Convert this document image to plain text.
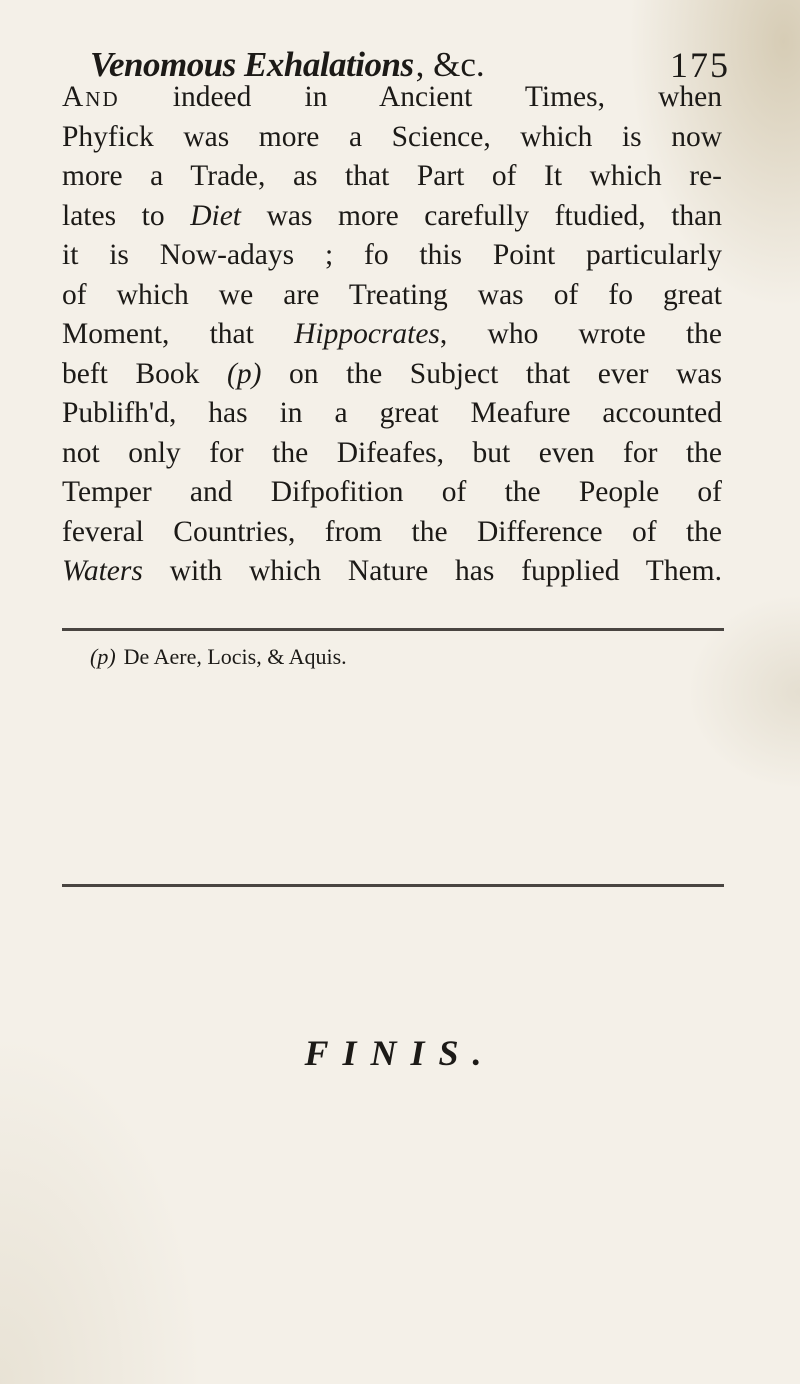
Venomous Exhalations, &c.	175
And indeed in Ancient Times, when
Phyfick was more a Science, which is now
more a Trade, as that Part of It which re-
lates to Diet was more carefully ftudied, than
it is Now-adays ; fo this Point particularly
of which we are Treating was of fo great
Moment, that Hippocrates, who wrote the
beft Book (p) on the Subject that ever was
Publifh'd, has in a great Meafure accounted
not only for the Difeafes, but even for the
Temper and Difpofition of the People of
feveral Countries, from the Difference of the
Waters with which Nature has fupplied Them.
(p) De Aere, Locis, & Aquis.
FINIS.
